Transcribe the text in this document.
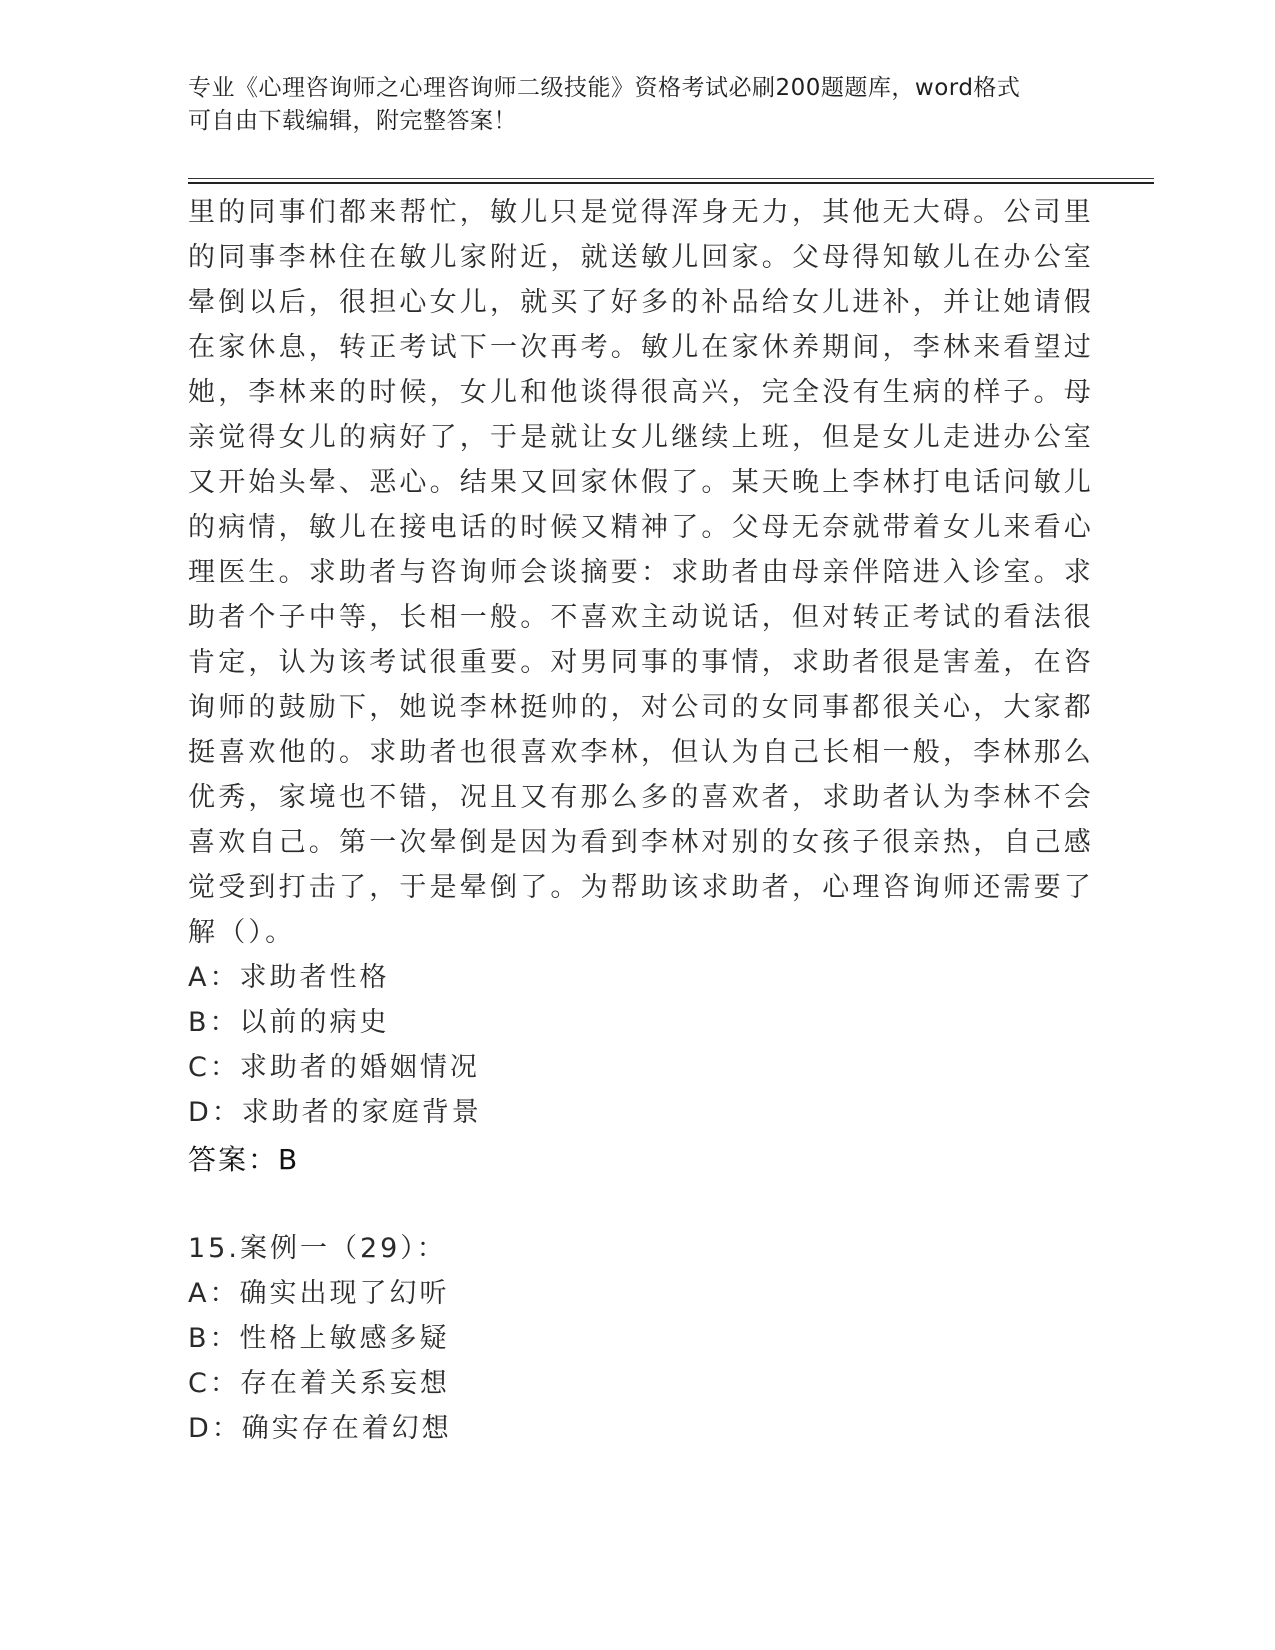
专业《心理咨询师之心理咨询师二级技能》资格考试必刷200题题库，word格式
可自由下载编辑，附完整答案！
里的同事们都来帮忙，敏儿只是觉得浑身无力，其他无大碍。公司里
的同事李林住在敏儿家附近，就送敏儿回家。父母得知敏儿在办公室
晕倒以后，很担心女儿，就买了好多的补品给女儿进补，并让她请假
在家休息，转正考试下一次再考。敏儿在家休养期间，李林来看望过
她，李林来的时候，女儿和他谈得很高兴，完全没有生病的样子。母
亲觉得女儿的病好了，于是就让女儿继续上班，但是女儿走进办公室
又开始头晕、恶心。结果又回家休假了。某天晚上李林打电话问敏儿
的病情，敏儿在接电话的时候又精神了。父母无奈就带着女儿来看心
理医生。求助者与咨询师会谈摘要：求助者由母亲伴陪进入诊室。求
助者个子中等，长相一般。不喜欢主动说话，但对转正考试的看法很
肯定，认为该考试很重要。对男同事的事情，求助者很是害羞，在咨
询师的鼓励下，她说李林挺帅的，对公司的女同事都很关心，大家都
挺喜欢他的。求助者也很喜欢李林，但认为自己长相一般，李林那么
优秀，家境也不错，况且又有那么多的喜欢者，求助者认为李林不会
喜欢自己。第一次晕倒是因为看到李林对别的女孩子很亲热，自己感
觉受到打击了，于是晕倒了。为帮助该求助者，心理咨询师还需要了
解（）。
A：求助者性格
B：以前的病史
C：求助者的婚姻情况
D：求助者的家庭背景
答案：B
15.案例一（29）：
A：确实出现了幻听
B：性格上敏感多疑
C：存在着关系妄想
D：确实存在着幻想
